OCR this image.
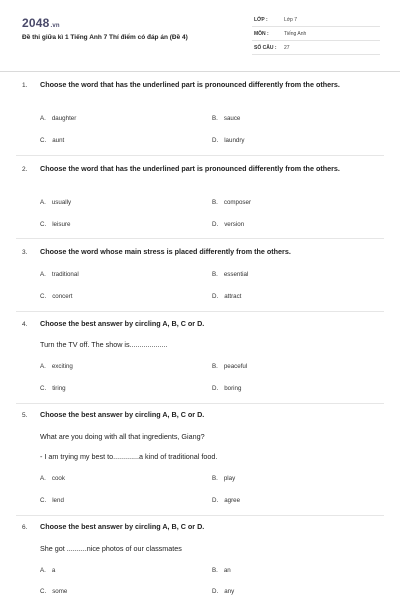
2048.vn
Đề thi giữa kì 1 Tiếng Anh 7 Thí điểm có đáp án (Đề 4)
LỚP :	Lớp 7
MÔN :	Tiếng Anh
SỐ CÂU : 27
1. Choose the word that has the underlined part is pronounced differently from the others.
A. daughter	B. sauce
C. aunt	D. laundry
2. Choose the word that has the underlined part is pronounced differently from the others.
A. usually	B. composer
C. leisure	D. version
3. Choose the word whose main stress is placed differently from the others.
A. traditional	B. essential
C. concert	D. attract
4. Choose the best answer by circling A, B, C or D.
Turn the TV off. The show is...................
A. exciting	B. peaceful
C. tiring	D. boring
5. Choose the best answer by circling A, B, C or D.
What are you doing with all that ingredients, Giang?
- I am trying my best to.............a kind of traditional food.
A. cook	B. play
C. lend	D. agree
6. Choose the best answer by circling A, B, C or D.
She got ..........nice photos of our classmates
A. a	B. an
C. some	D. any
